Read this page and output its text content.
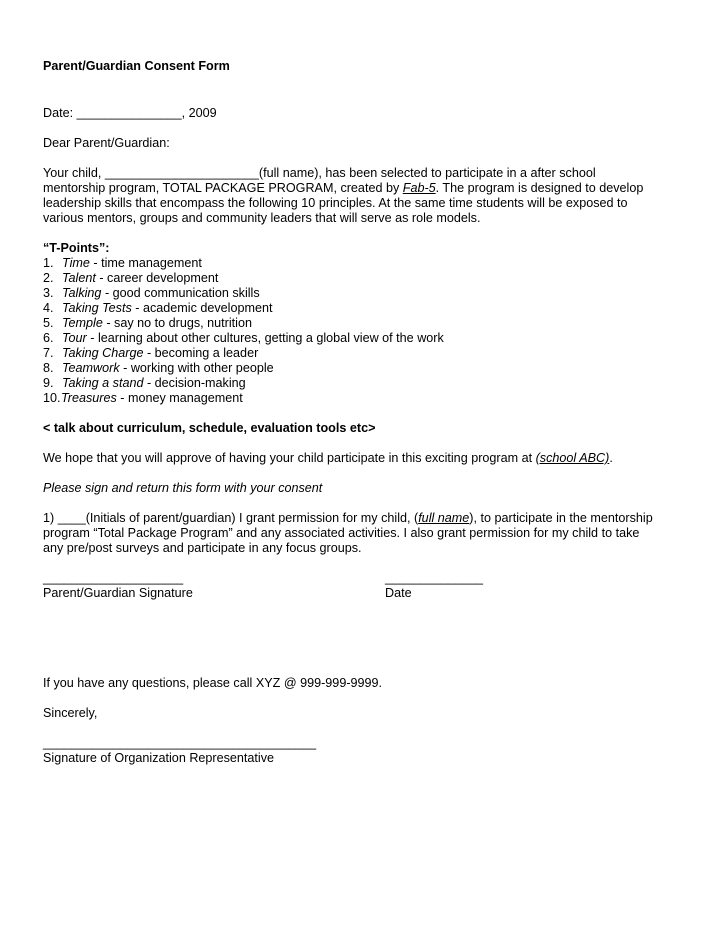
Parent/Guardian Consent Form
Date: _______________, 2009
Dear Parent/Guardian:
Your child, ______________________(full name), has been selected to participate in a after school
mentorship program, TOTAL PACKAGE PROGRAM, created by Fab-5. The program is designed to develop
leadership skills that encompass the following 10 principles. At the same time students will be exposed to
various mentors, groups and community leaders that will serve as role models.
“T-Points”:
1. Time - time management
2. Talent - career development
3. Talking - good communication skills
4. Taking Tests - academic development
5. Temple - say no to drugs, nutrition
6. Tour - learning about other cultures, getting a global view of the work
7. Taking Charge - becoming a leader
8. Teamwork - working with other people
9. Taking a stand - decision-making
10.Treasures - money management
< talk about curriculum, schedule, evaluation tools etc>
We hope that you will approve of having your child participate in this exciting program at (school ABC).
Please sign and return this form with your consent
1) ____(Initials of parent/guardian) I grant permission for my child, (full name), to participate in the mentorship
program “Total Package Program” and any associated activities. I also grant permission for my child to take
any pre/post surveys and participate in any focus groups.
____________________
Parent/Guardian Signature
______________
Date
If you have any questions, please call XYZ @ 999-999-9999.
Sincerely,
_______________________________________
Signature of Organization Representative
